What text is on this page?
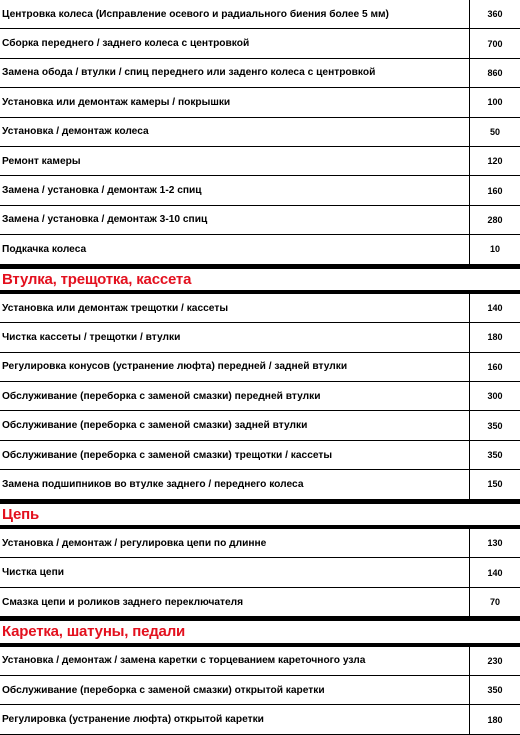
Центровка колеса (Исправление осевого и радиального биения более 5 мм)	360
Сборка переднего / заднего колеса с центровкой	700
Замена обода / втулки / спиц переднего или заденго колеса с центровкой	860
Установка или демонтаж камеры / покрышки	100
Установка / демонтаж колеса	50
Ремонт камеры	120
Замена / установка / демонтаж 1-2 спиц	160
Замена / установка / демонтаж 3-10 спиц	280
Подкачка колеса	10
Втулка, трещотка, кассета
Установка или демонтаж трещотки / кассеты	140
Чистка кассеты / трещотки / втулки	180
Регулировка конусов (устранение люфта) передней / задней втулки	160
Обслуживание (переборка с заменой смазки) передней втулки	300
Обслуживание (переборка с заменой смазки) задней втулки	350
Обслуживание (переборка с заменой смазки) трещотки / кассеты	350
Замена подшипников во втулке заднего / переднего колеса	150
Цепь
Установка / демонтаж / регулировка цепи по длинне	130
Чистка цепи	140
Смазка цепи и роликов заднего переключателя	70
Каретка, шатуны, педали
Установка / демонтаж / замена каретки с торцеванием кареточного узла	230
Обслуживание (переборка с заменой смазки) открытой каретки	350
Регулировка (устранение люфта) открытой каретки	180
